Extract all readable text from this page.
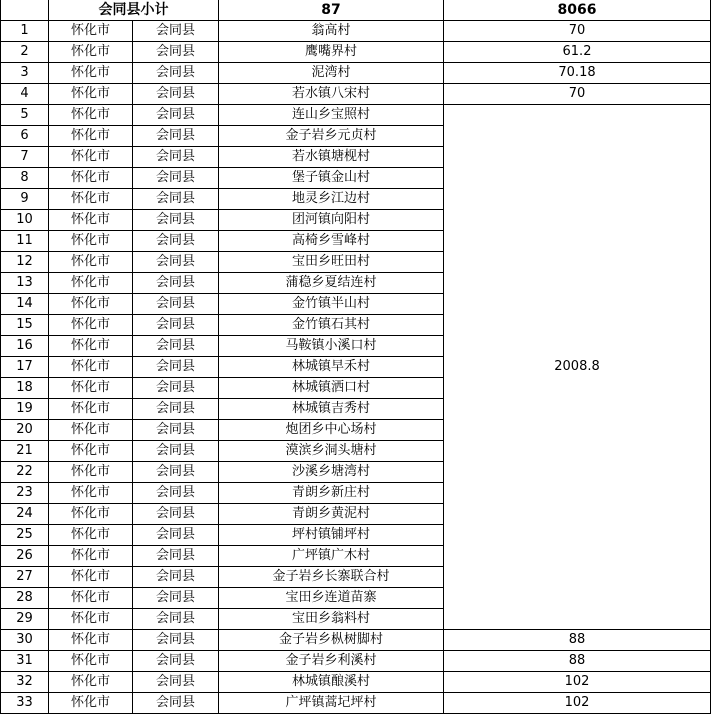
	会同县小计		87	8066
1	怀化市	会同县	翁高村	70
2	怀化市	会同县	鹰嘴界村	61.2
3	怀化市	会同县	泥湾村	70.18
4	怀化市	会同县	若水镇八宋村	70
5	怀化市	会同县	连山乡宝照村	2008.8
6	怀化市	会同县	金子岩乡元贞村	
7	怀化市	会同县	若水镇塘枧村	
8	怀化市	会同县	堡子镇金山村	
9	怀化市	会同县	地灵乡江边村	
10	怀化市	会同县	团河镇向阳村	
11	怀化市	会同县	高椅乡雪峰村	
12	怀化市	会同县	宝田乡旺田村	
13	怀化市	会同县	蒲稳乡夏结连村	
14	怀化市	会同县	金竹镇半山村	
15	怀化市	会同县	金竹镇石其村	
16	怀化市	会同县	马鞍镇小溪口村	
17	怀化市	会同县	林城镇早禾村	
18	怀化市	会同县	林城镇洒口村	
19	怀化市	会同县	林城镇吉秀村	
20	怀化市	会同县	炮团乡中心场村	
21	怀化市	会同县	漠滨乡洞头塘村	
22	怀化市	会同县	沙溪乡塘湾村	
23	怀化市	会同县	青朗乡新庄村	
24	怀化市	会同县	青朗乡黄泥村	
25	怀化市	会同县	坪村镇铺坪村	
26	怀化市	会同县	广坪镇广木村	
27	怀化市	会同县	金子岩乡长寨联合村	
28	怀化市	会同县	宝田乡连道苗寨	
29	怀化市	会同县	宝田乡翁料村	
30	怀化市	会同县	金子岩乡枞树脚村	88
31	怀化市	会同县	金子岩乡利溪村	88
32	怀化市	会同县	林城镇酿溪村	102
33	怀化市	会同县	广坪镇蒿圮坪村	102
